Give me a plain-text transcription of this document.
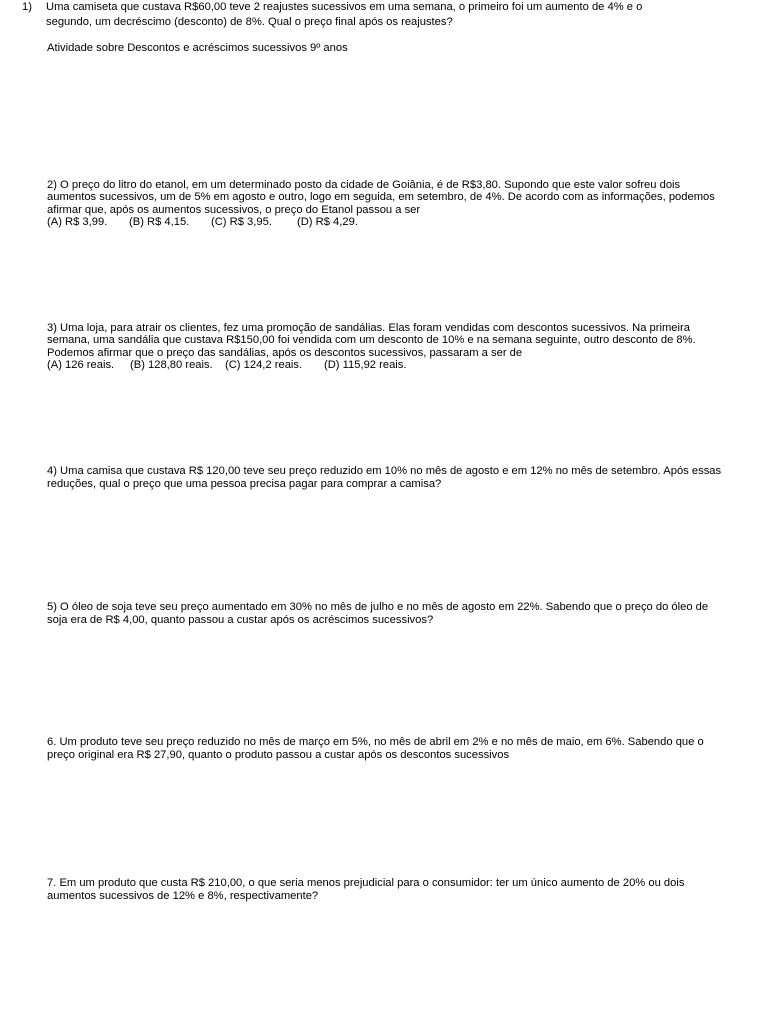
Atividade sobre Descontos e acréscimos sucessivos 9º anos
1)	Uma camiseta que custava R$60,00 teve 2 reajustes sucessivos em uma semana, o primeiro foi um aumento de 4% e o segundo, um decréscimo (desconto) de 8%. Qual o preço final após os reajustes?
2) O preço do litro do etanol, em um determinado posto da cidade de Goiânia, é de R$3,80. Supondo que este valor sofreu dois aumentos sucessivos, um de 5% em agosto e outro, logo em seguida, em setembro, de 4%. De acordo com as informações, podemos afirmar que, após os aumentos sucessivos, o preço do Etanol passou a ser
(A) R$ 3,99. (B) R$ 4,15. (C) R$ 3,95. (D) R$ 4,29.
3) Uma loja, para atrair os clientes, fez uma promoção de sandálias. Elas foram vendidas com descontos sucessivos. Na primeira semana, uma sandália que custava R$150,00 foi vendida com um desconto de 10% e na semana seguinte, outro desconto de 8%. Podemos afirmar que o preço das sandálias, após os descontos sucessivos, passaram a ser de
(A) 126 reais. (B) 128,80 reais. (C) 124,2 reais. (D) 115,92 reais.
4) Uma camisa que custava R$ 120,00 teve seu preço reduzido em 10% no mês de agosto e em 12% no mês de setembro. Após essas reduções, qual o preço que uma pessoa precisa pagar para comprar a camisa?
5) O óleo de soja teve seu preço aumentado em 30% no mês de julho e no mês de agosto em 22%. Sabendo que o preço do óleo de soja era de R$ 4,00, quanto passou a custar após os acréscimos sucessivos?
6. Um produto teve seu preço reduzido no mês de março em 5%, no mês de abril em 2% e no mês de maio, em 6%. Sabendo que o preço original era R$ 27,90, quanto o produto passou a custar após os descontos sucessivos
7. Em um produto que custa R$ 210,00, o que seria menos prejudicial para o consumidor: ter um único aumento de 20% ou dois aumentos sucessivos de 12% e 8%, respectivamente?
